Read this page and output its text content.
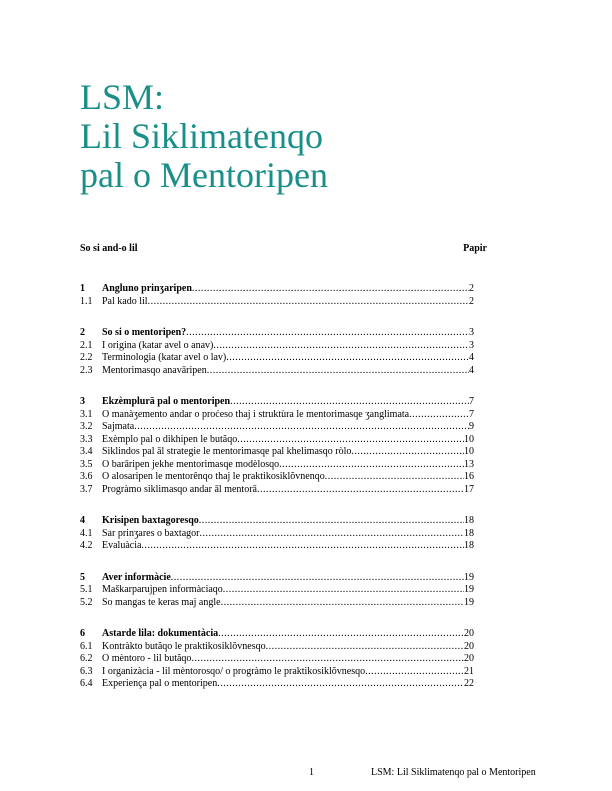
LSM:
Lil Siklimatenqo
pal o Mentoripen
So si and-o lil	Papir
1	Angluno prinʒaripen .....	2
1.1 Pal kado lil .....	2
2	So si o mentoripen? .....	3
2.1 I origina (katar avel o anav) .....	3
2.2 Terminologia (katar avel o lav) .....	4
2.3 Mentorimasqo anavāripen .....	4
3	Ekzèmplurā pal o mentoripen .....	7
3.1 O manàʒemento andar o proćeso thaj i struktùra le mentorimasqe ʒanglimata .....	7
3.2 Sajmata .....	9
3.3 Exèmplo pal o dikhipen le butăqo .....	10
3.4 Siklindos pal āl strategie le mentorimasqe pal khelimasqo ròlo .....	10
3.5 O barāripen jekhe mentorimasqe modèlosqo .....	13
3.6 O alosaripen le mentorênqo thaj le praktikosiklŏvnenqo .....	16
3.7 Progràmo siklimasqo andar āl mentorā .....	17
4	Krisipen baxtagoresqo .....	18
4.1 Sar prinʒares o baxtagor .....	18
4.2 Evaluàcia .....	18
5	Aver informàcie .....	19
5.1 Maškarparujpen informàciaqo .....	19
5.2 So mangas te keras maj angle .....	19
6	Astarde lila: dokumentàcia .....	20
6.1 Kontràkto butăqo le praktikosiklŏvnesqo .....	20
6.2 O mèntoro - lil butăqo .....	20
6.3 I organizàcia - lil mèntorosqo/ o progràmo le praktikosiklŏvnesqo .....	21
6.4 Experiença pal o mentoripen .....	22
1	LSM: Lil Siklimatenqo pal o Mentoripen
